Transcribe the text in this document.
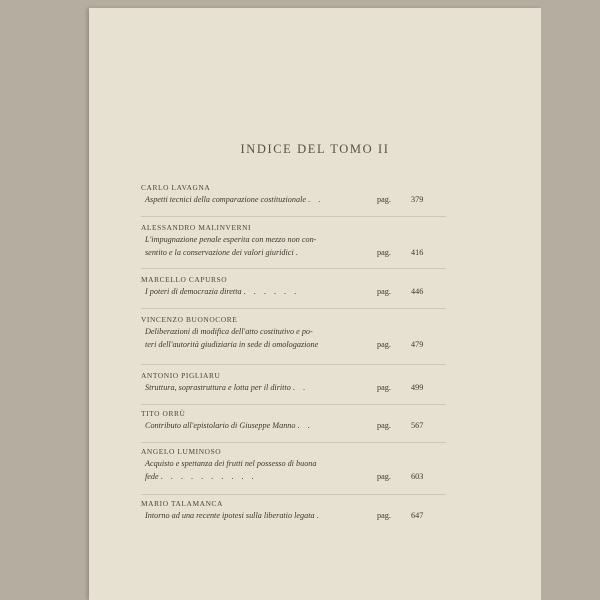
INDICE DEL TOMO II
CARLO LAVAGNA
Aspetti tecnici della comparazione costituzionale . .	pag. 379
ALESSANDRO MALINVERNI
L'impugnazione penale esperita con mezzo non con-
sentito e la conservazione dei valori giuridici .	pag. 416
MARCELLO CAPURSO
I poteri di democrazia diretta . . . . . .	pag. 446
VINCENZO BUONOCORE
Deliberazioni di modifica dell'atto costitutivo e po-
teri dell'autorità giudiziaria in sede di omologazione	pag. 479
ANTONIO PIGLIARU
Struttura, soprastruttura e lotta per il diritto . .	pag. 499
TITO ORRÙ
Contributo all'epistolario di Giuseppe Manno . .	pag. 567
ANGELO LUMINOSO
Acquisto e spettanza dei frutti nel possesso di buona
fede . . . . . . . . . .	pag. 603
MARIO TALAMANCA
Intorno ad una recente ipotesi sulla liberatio legata .	pag. 647
